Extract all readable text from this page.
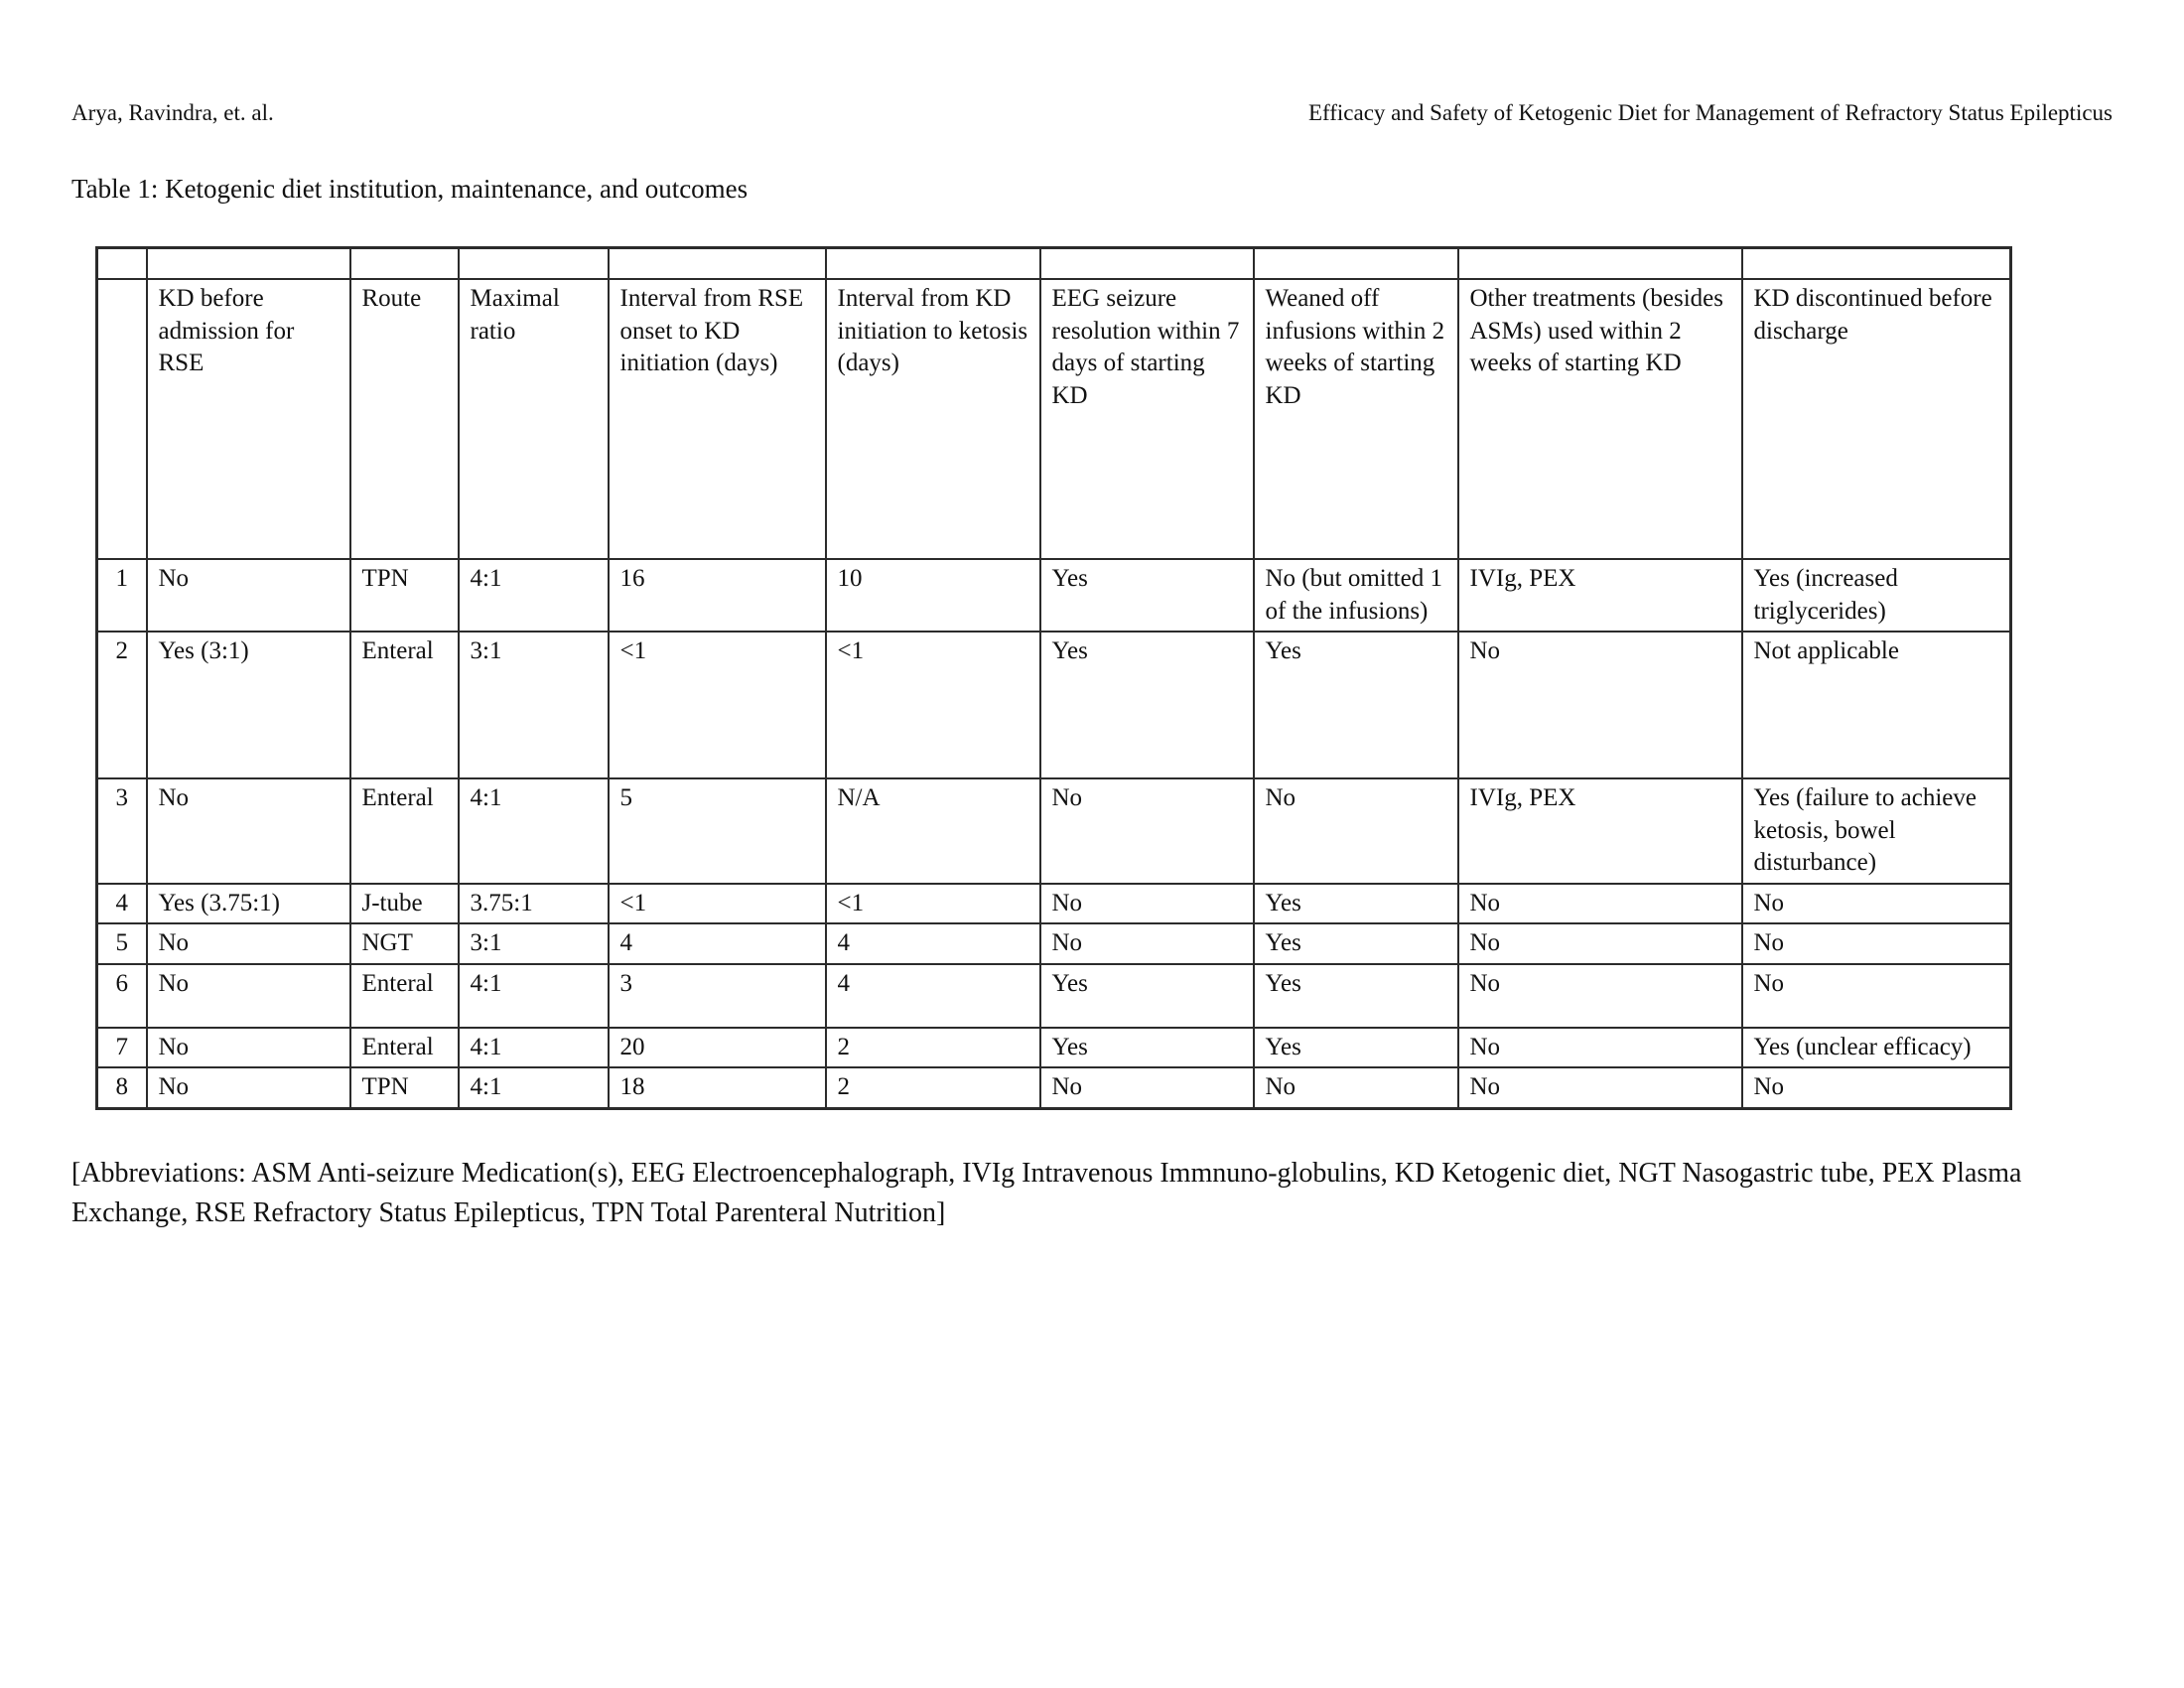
Arya, Ravindra, et. al.	Efficacy and Safety of Ketogenic Diet for Management of Refractory Status Epilepticus
Table 1: Ketogenic diet institution, maintenance, and outcomes

	KD before admission for RSE	Route	Maximal ratio	Interval from RSE onset to KD initiation (days)	Interval from KD initiation to ketosis (days)	EEG seizure resolution within 7 days of starting KD	Weaned off infusions within 2 weeks of starting KD	Other treatments (besides ASMs) used within 2 weeks of starting KD	KD discontinued before discharge
1	No	TPN	4:1	16	10	Yes	No (but omitted 1 of the infusions)	IVIg, PEX	Yes (increased triglycerides)
2	Yes (3:1)	Enteral	3:1	<1	<1	Yes	Yes	No	Not applicable
3	No	Enteral	4:1	5	N/A	No	No	IVIg, PEX	Yes (failure to achieve ketosis, bowel disturbance)
4	Yes (3.75:1)	J-tube	3.75:1	<1	<1	No	Yes	No	No
5	No	NGT	3:1	4	4	No	Yes	No	No
6	No	Enteral	4:1	3	4	Yes	Yes	No	No
7	No	Enteral	4:1	20	2	Yes	Yes	No	Yes (unclear efficacy)
8	No	TPN	4:1	18	2	No	No	No	No
[Abbreviations: ASM Anti-seizure Medication(s), EEG Electroencephalograph, IVIg Intravenous Immnuno-globulins, KD Ketogenic diet, NGT Nasogastric tube, PEX Plasma Exchange, RSE Refractory Status Epilepticus, TPN Total Parenteral Nutrition]
